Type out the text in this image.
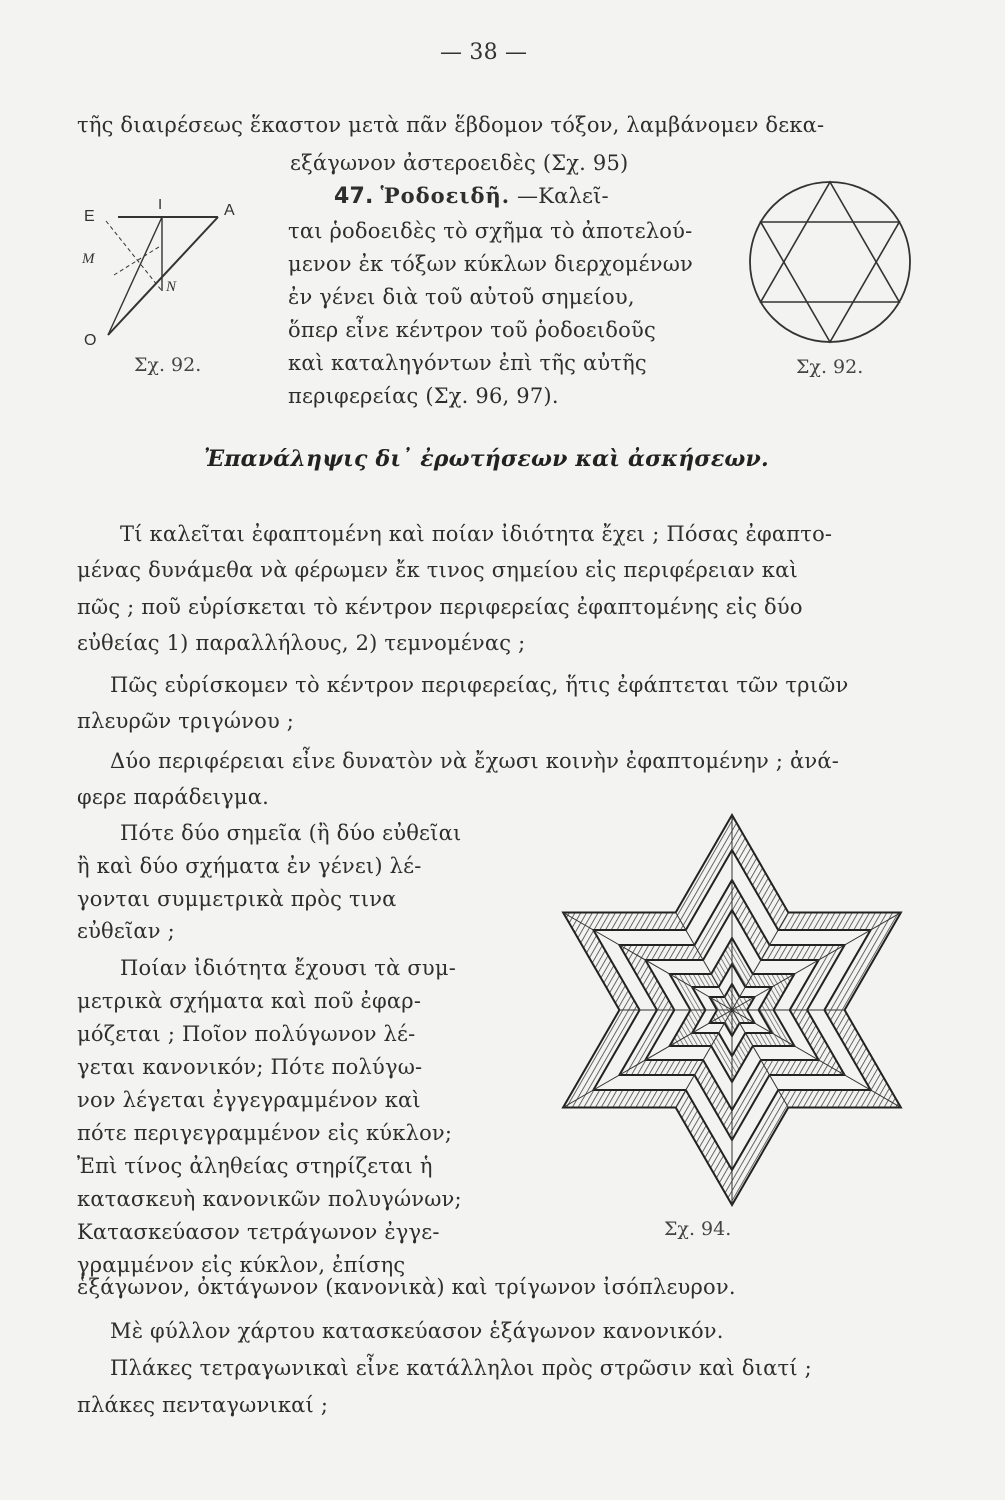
— 38 —
τῆς διαιρέσεως ἕκαστον μετὰ πᾶν ἕβδομον τόξον, λαμβάνομεν δεκα-
εξάγωνον ἀστεροειδὲς (Σχ. 95)
47. Ῥοδοειδῆ. —Καλεῖ-
ται ῥοδοειδὲς τὸ σχῆμα τὸ ἀποτελού-
μενον ἐκ τόξων κύκλων διερχομένων
ἐν γένει διὰ τοῦ αὐτοῦ σημείου,
ὅπερ εἶνε κέντρον τοῦ ῥοδοειδοῦς
καὶ καταληγόντων ἐπὶ τῆς αὐτῆς
περιφερείας (Σχ. 96, 97).
E
I	A
M
N
O
Σχ. 92.	Σχ. 92.
Ἐπανάληψις δι᾽ ἐρωτήσεων καὶ ἀσκήσεων.
Τί καλεῖται ἐφαπτομένη καὶ ποίαν ἰδιότητα ἔχει ; Πόσας ἐφαπτο-
μένας δυνάμεθα νὰ φέρωμεν ἔκ τινος σημείου εἰς περιφέρειαν καὶ
πῶς ; ποῦ εὑρίσκεται τὸ κέντρον περιφερείας ἐφαπτομένης εἰς δύο
εὐθείας 1) παραλλήλους, 2) τεμνομένας ;
Πῶς εὑρίσκομεν τὸ κέντρον περιφερείας, ἥτις ἐφάπτεται τῶν τριῶν
πλευρῶν τριγώνου ;
Δύο περιφέρειαι εἶνε δυνατὸν νὰ ἔχωσι κοινὴν ἐφαπτομένην ; ἀνά-
φερε παράδειγμα.
Πότε δύο σημεῖα (ἢ δύο εὐθεῖαι
ἢ καὶ δύο σχήματα ἐν γένει) λέ-
γονται συμμετρικὰ πρὸς τινα
εὐθεῖαν ;
Ποίαν ἰδιότητα ἔχουσι τὰ συμ-
μετρικὰ σχήματα καὶ ποῦ ἐφαρ-
μόζεται ; Ποῖον πολύγωνον λέ-
γεται κανονικόν; Πότε πολύγω-
νον λέγεται ἐγγεγραμμένον καὶ
πότε περιγεγραμμένον εἰς κύκλον;
Ἐπὶ τίνος ἀληθείας στηρίζεται ἡ
κατασκευὴ κανονικῶν πολυγώνων;
Κατασκεύασον τετράγωνον ἐγγε-
γραμμένον εἰς κύκλον, ἐπίσης
Σχ. 94.
ἑξάγωνον, ὀκτάγωνον (κανονικὰ) καὶ τρίγωνον ἰσόπλευρον.
Μὲ φύλλον χάρτου κατασκεύασον ἑξάγωνον κανονικόν.
Πλάκες τετραγωνικαὶ εἶνε κατάλληλοι πρὸς στρῶσιν καὶ διατί ;
πλάκες πενταγωνικαί ;
